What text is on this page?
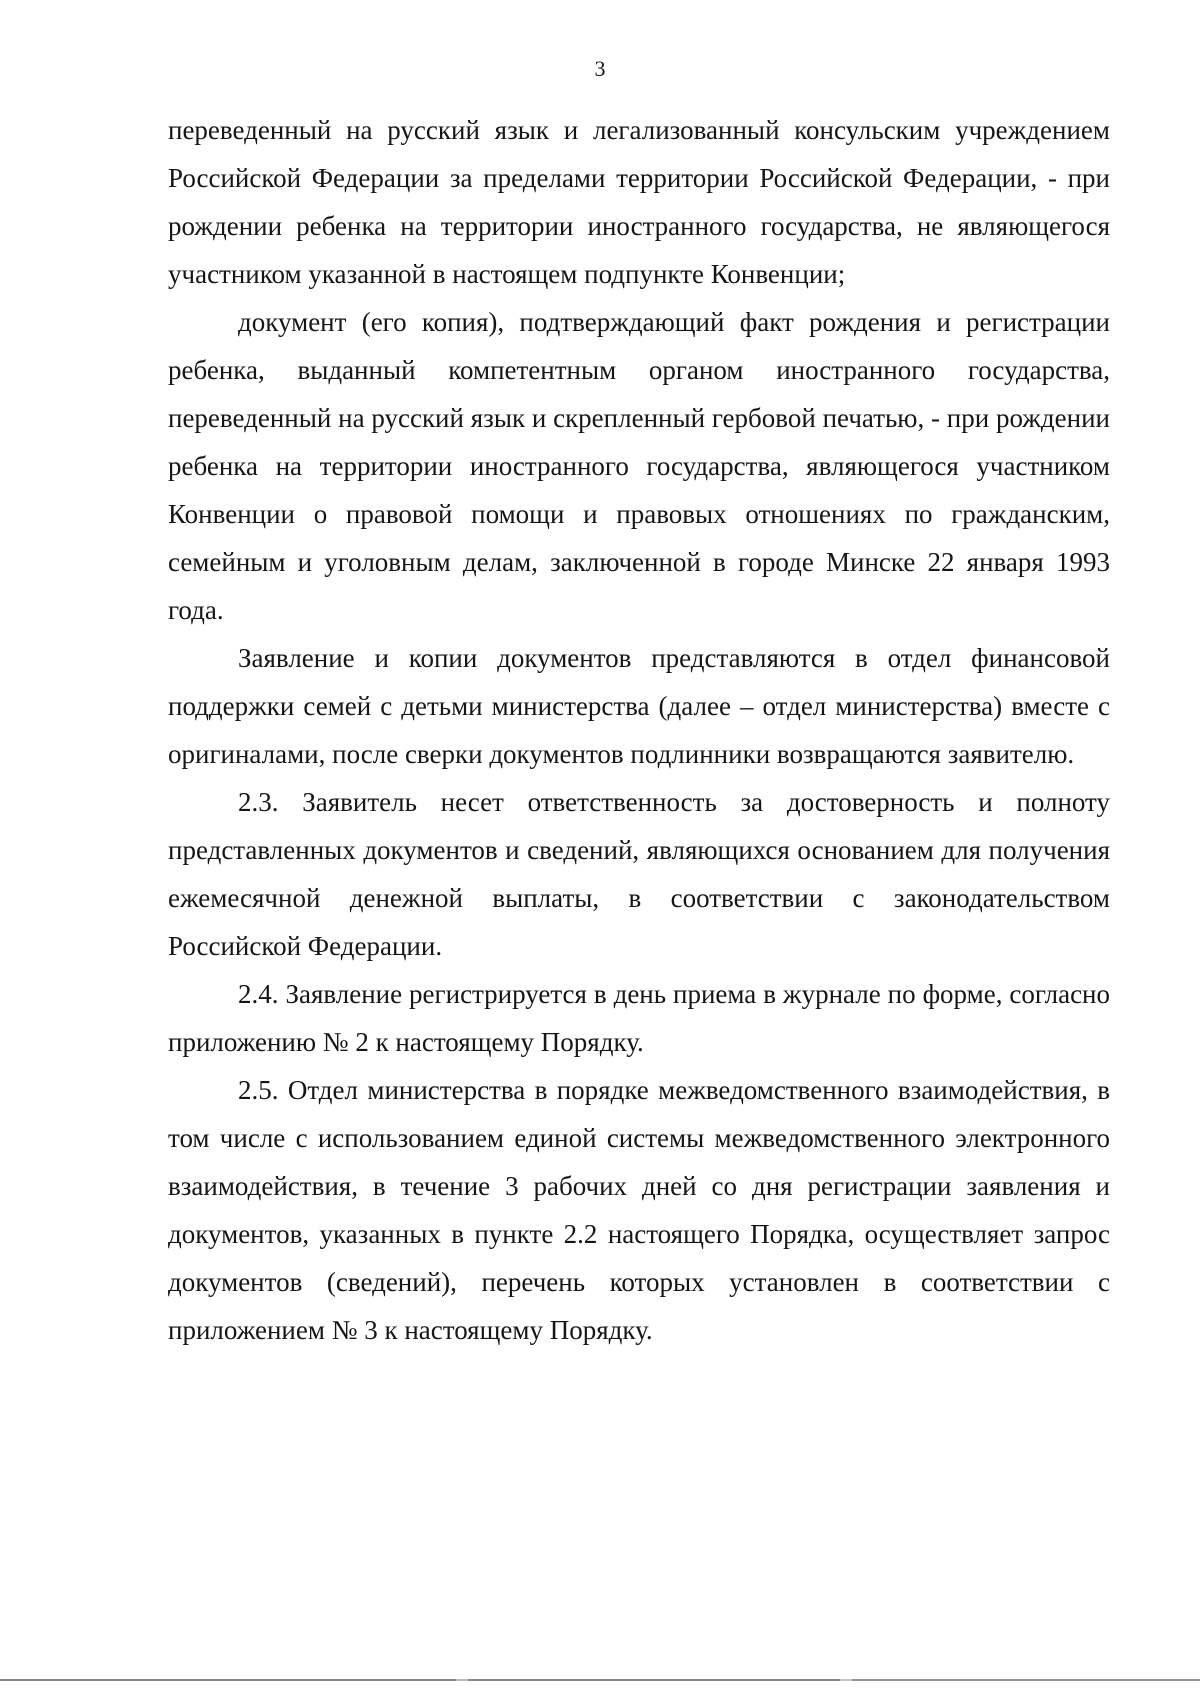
3

переведенный на русский язык и легализованный консульским учреждением Российской Федерации за пределами территории Российской Федерации, - при рождении ребенка на территории иностранного государства, не являющегося участником указанной в настоящем подпункте Конвенции;

документ (его копия), подтверждающий факт рождения и регистрации ребенка, выданный компетентным органом иностранного государства, переведенный на русский язык и скрепленный гербовой печатью, - при рождении ребенка на территории иностранного государства, являющегося участником Конвенции о правовой помощи и правовых отношениях по гражданским, семейным и уголовным делам, заключенной в городе Минске 22 января 1993 года.

Заявление и копии документов представляются в отдел финансовой поддержки семей с детьми министерства (далее – отдел министерства) вместе с оригиналами, после сверки документов подлинники возвращаются заявителю.

2.3. Заявитель несет ответственность за достоверность и полноту представленных документов и сведений, являющихся основанием для получения ежемесячной денежной выплаты, в соответствии с законодательством Российской Федерации.

2.4. Заявление регистрируется в день приема в журнале по форме, согласно приложению № 2 к настоящему Порядку.

2.5. Отдел министерства в порядке межведомственного взаимодействия, в том числе с использованием единой системы межведомственного электронного взаимодействия, в течение 3 рабочих дней со дня регистрации заявления и документов, указанных в пункте 2.2 настоящего Порядка, осуществляет запрос документов (сведений), перечень которых установлен в соответствии с приложением № 3 к настоящему Порядку.
